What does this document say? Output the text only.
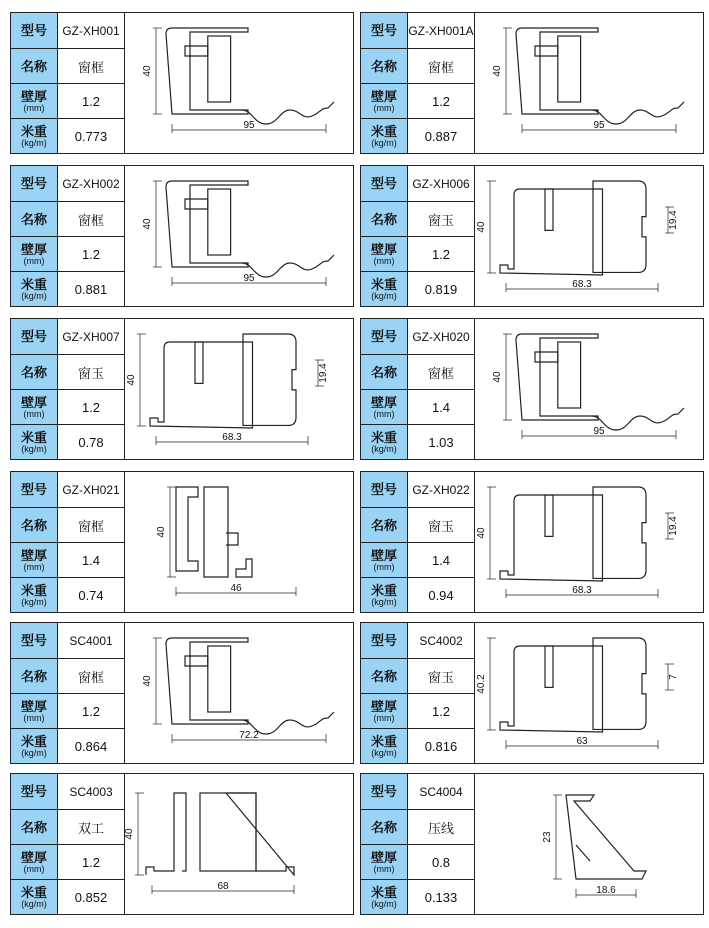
型号	GZ-XH001
名称	窗框
壁厚
(mm)	1.2
米重
(kg/m)	0.773
40
95
型号 GZ-XH001A
名称	窗框
壁厚
(mm)	1.2
米重
(kg/m)	0.887
40
95
型号	GZ-XH002
名称	窗框
壁厚
(mm)	1.2
米重
(kg/m)	0.881
40
95
型号	GZ-XH006
名称	窗玉
壁厚
(mm)	1.2
米重
(kg/m)	0.819
40
68.3
19.4
型号	GZ-XH007
名称	窗玉
壁厚
(mm)	1.2
米重
(kg/m)	0.78
40
68.3
19.4
型号	GZ-XH020
名称	窗框
壁厚
(mm)	1.4
米重
(kg/m)	1.03
40
95
型号	GZ-XH021
名称	窗框
壁厚
(mm)	1.4
米重
(kg/m)	0.74
40
46
型号	GZ-XH022
名称	窗玉
壁厚
(mm)	1.4
米重
(kg/m)	0.94
40
68.3
19.4
型号	SC4001
名称	窗框
壁厚
(mm)	1.2
米重
(kg/m)	0.864
40
72.2
型号	SC4002
名称	窗玉
壁厚
(mm)	1.2
米重
(kg/m)	0.816
40.2
63
7
型号	SC4003
名称	双工
壁厚
(mm)	1.2
米重
(kg/m)	0.852
40
68
型号	SC4004
名称	压线
壁厚
(mm)	0.8
米重
(kg/m)	0.133
23
18.6
